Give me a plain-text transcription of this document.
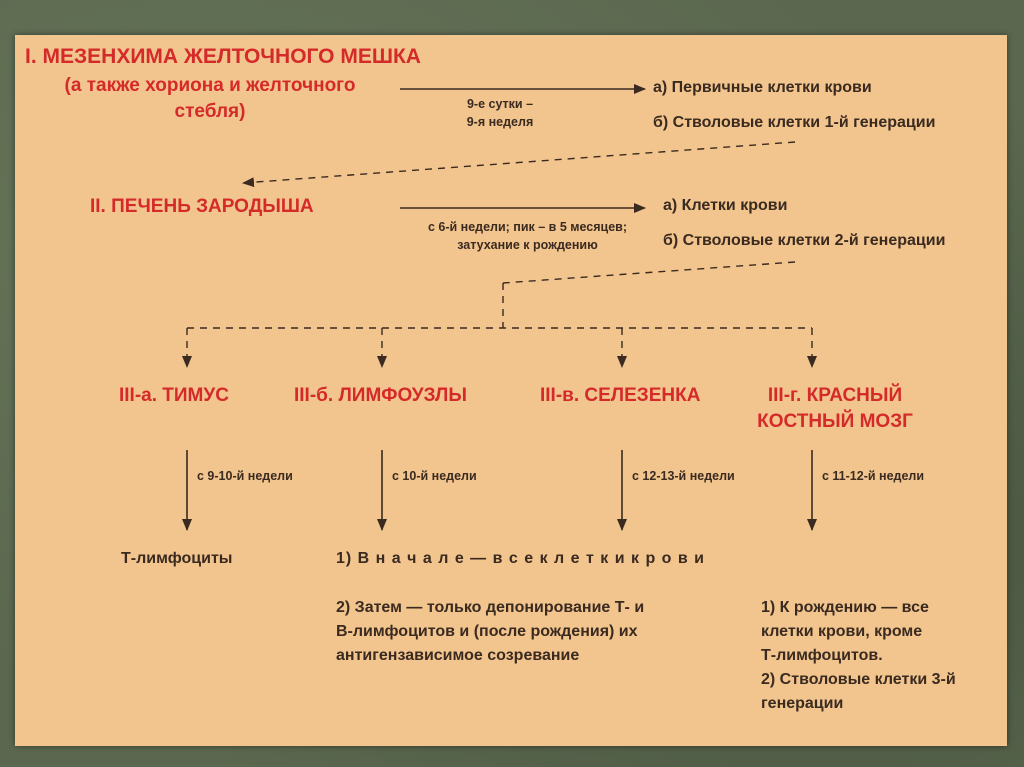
I. МЕЗЕНХИМА ЖЕЛТОЧНОГО МЕШКА
(а также хориона и желточного
стебля)	9-е сутки –
9-я неделя
а) Первичные клетки крови
б) Стволовые клетки 1-й генерации
II. ПЕЧЕНЬ ЗАРОДЫША
с 6-й недели; пик – в 5 месяцев;
затухание к рождению
а) Клетки крови
б) Стволовые клетки 2-й генерации
III-а. ТИМУС	III-б. ЛИМФОУЗЛЫ	III-в. СЕЛЕЗЕНКА	III-г. КРАСНЫЙ
КОСТНЫЙ МОЗГ
с 9-10-й недели	с 10-й недели	с 12-13-й недели	с 11-12-й недели
Т-лимфоциты	1) В н а ч а л е — в с е к л е т к и к р о в и
2) Затем — только депонирование Т- и
В-лимфоцитов и (после рождения) их
антигензависимое созревание
1) К рождению — все
клетки крови, кроме
Т-лимфоцитов.
2) Стволовые клетки 3-й
генерации
